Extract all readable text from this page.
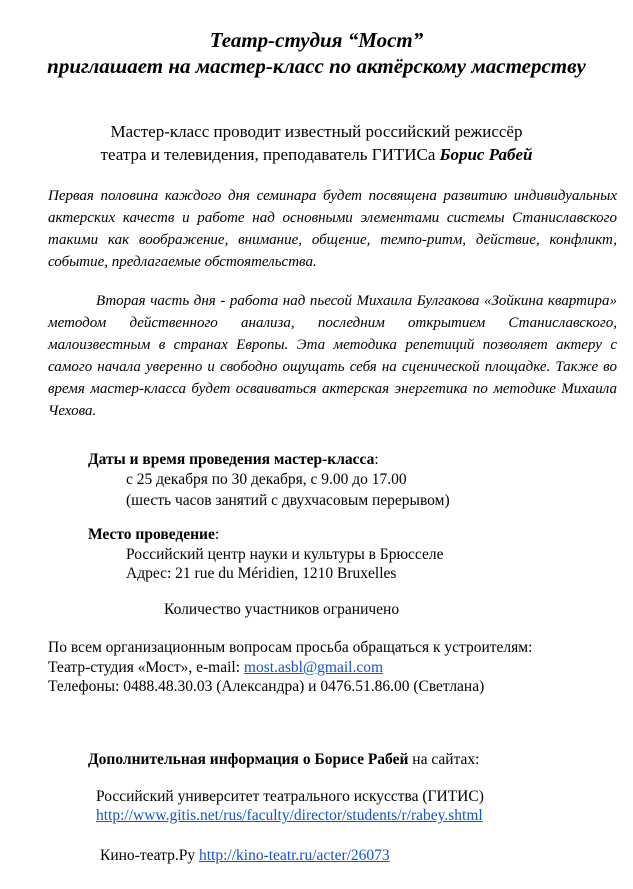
Театр-студия “Мост”
приглашает на мастер-класс по актёрскому мастерству
Мастер-класс проводит известный российский режиссёр
театра и телевидения, преподаватель ГИТИСа Борис Рабей
Первая половина каждого дня семинара будет посвящена развитию индивидуальных актерских качеств и работе над основными элементами системы Станиславского такими как воображение, внимание, общение, темпо-ритм, действие, конфликт, событие, предлагаемые обстоятельства.
Вторая часть дня - работа над пьесой Михаила Булгакова «Зойкина квартира» методом действенного анализа, последним открытием Станиславского, малоизвестным в странах Европы. Эта методика репетиций позволяет актеру с самого начала уверенно и свободно ощущать себя на сценической площадке. Также во время мастер-класса будет осваиваться актерская энергетика по методике Михаила Чехова.
Даты и время проведения мастер-класса:
с 25 декабря по 30 декабря, с 9.00 до 17.00
(шесть часов занятий с двухчасовым перерывом)
Место проведение:
Российский центр науки и культуры в Брюсселе
Адрес: 21 rue du Méridien, 1210 Bruxelles
Количество участников ограничено
По всем организационным вопросам просьба обращаться к устроителям:
Театр-студия «Мост», e-mail: most.asbl@gmail.com
Телефоны: 0488.48.30.03 (Александра) и 0476.51.86.00 (Светлана)
Дополнительная информация о Борисе Рабей на сайтах:
Российский университет театрального искусства (ГИТИС)
http://www.gitis.net/rus/faculty/director/students/r/rabey.shtml
Кино-театр.Ру http://kino-teatr.ru/acter/26073
